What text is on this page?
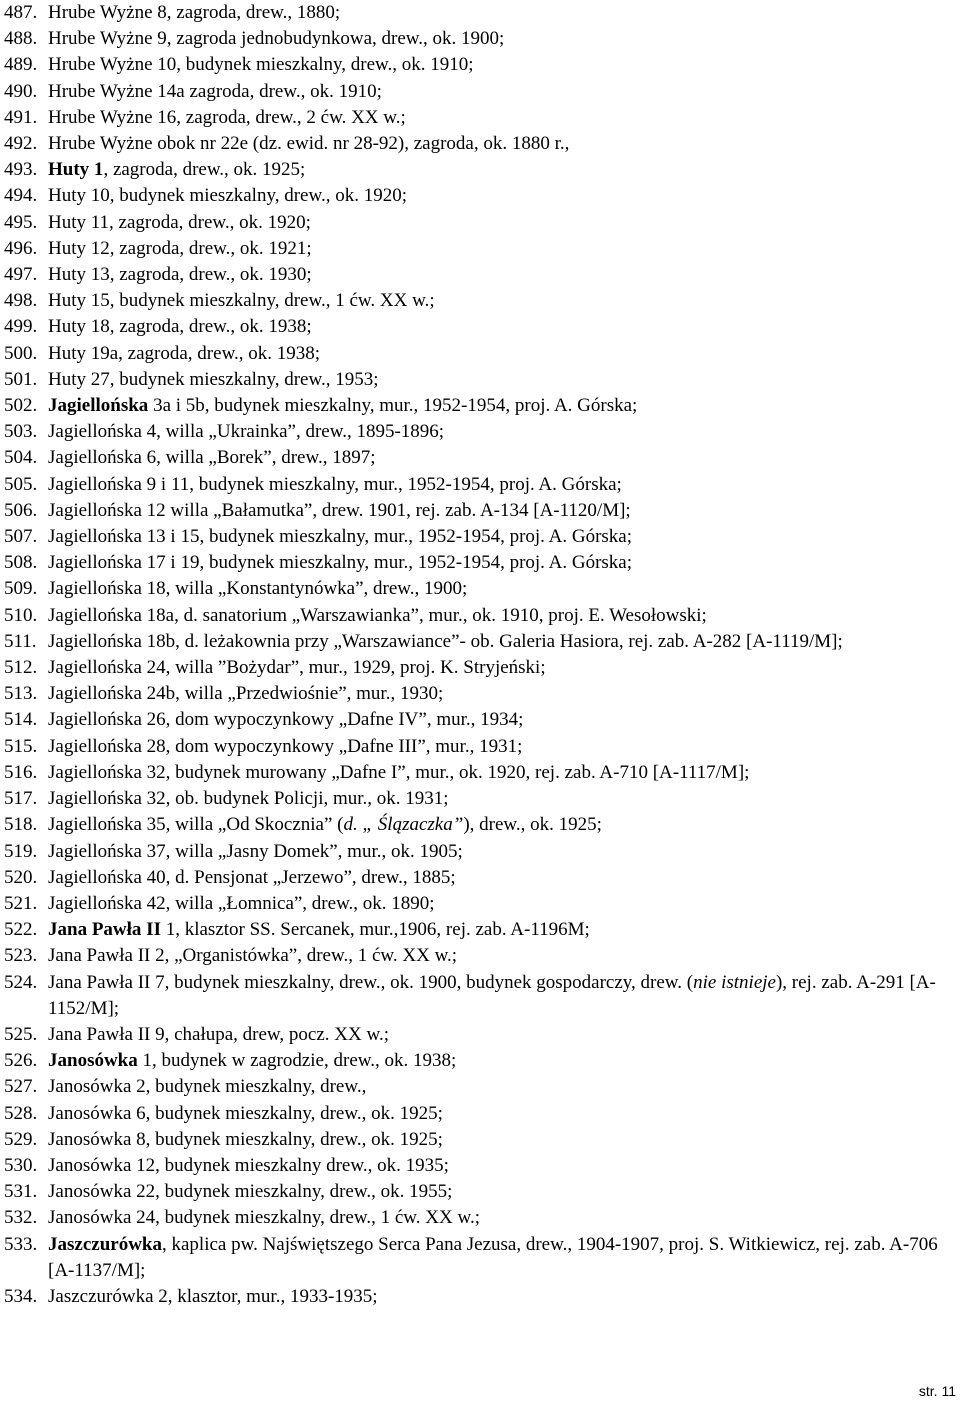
487. Hrube Wyżne 8, zagroda, drew., 1880;
488. Hrube Wyżne 9, zagroda jednobudynkowa, drew., ok. 1900;
489. Hrube Wyżne 10, budynek mieszkalny, drew., ok. 1910;
490. Hrube Wyżne 14a zagroda, drew., ok. 1910;
491. Hrube Wyżne 16, zagroda, drew., 2 ćw. XX w.;
492. Hrube Wyżne obok nr 22e (dz. ewid. nr 28-92), zagroda, ok. 1880 r.,
493. Huty 1, zagroda, drew., ok. 1925;
494. Huty 10, budynek mieszkalny, drew., ok. 1920;
495. Huty 11, zagroda, drew., ok. 1920;
496. Huty 12, zagroda, drew., ok. 1921;
497. Huty 13, zagroda, drew., ok. 1930;
498. Huty 15, budynek mieszkalny, drew., 1 ćw. XX w.;
499. Huty 18, zagroda, drew., ok. 1938;
500. Huty 19a, zagroda, drew., ok. 1938;
501. Huty 27, budynek mieszkalny, drew., 1953;
502. Jagiellońska 3a i 5b, budynek mieszkalny, mur., 1952-1954, proj. A. Górska;
503. Jagiellońska 4, willa „Ukrainka”, drew., 1895-1896;
504. Jagiellońska 6, willa „Borek”, drew., 1897;
505. Jagiellońska 9 i 11, budynek mieszkalny, mur., 1952-1954, proj. A. Górska;
506. Jagiellońska 12 willa „Bałamutka”, drew. 1901, rej. zab. A-134 [A-1120/M];
507. Jagiellońska 13 i 15, budynek mieszkalny, mur., 1952-1954, proj. A. Górska;
508. Jagiellońska 17 i 19, budynek mieszkalny, mur., 1952-1954, proj. A. Górska;
509. Jagiellońska 18, willa „Konstantynówka”, drew., 1900;
510. Jagiellońska 18a, d. sanatorium „Warszawianka”, mur., ok. 1910, proj. E. Wesołowski;
511. Jagiellońska 18b, d. leżakownia przy „Warszawiance”- ob. Galeria Hasiora, rej. zab. A-282 [A-1119/M];
512. Jagiellońska 24, willa ”Bożydar”, mur., 1929, proj. K. Stryjeński;
513. Jagiellońska 24b, willa „Przedwiośnie”, mur., 1930;
514. Jagiellońska 26, dom wypoczynkowy „Dafne IV”, mur., 1934;
515. Jagiellońska 28, dom wypoczynkowy „Dafne III”, mur., 1931;
516. Jagiellońska 32, budynek murowany „Dafne I”, mur., ok. 1920, rej. zab. A-710 [A-1117/M];
517. Jagiellońska 32, ob. budynek Policji, mur., ok. 1931;
518. Jagiellońska 35, willa „Od Skocznia” (d. „ Ślązaczka”), drew., ok. 1925;
519. Jagiellońska 37, willa „Jasny Domek”, mur., ok. 1905;
520. Jagiellońska 40, d. Pensjonat „Jerzewo”, drew., 1885;
521. Jagiellońska 42, willa „Łomnica”, drew., ok. 1890;
522. Jana Pawła II 1, klasztor SS. Sercanek, mur.,1906, rej. zab. A-1196M;
523. Jana Pawła II 2, „Organistówka”, drew., 1 ćw. XX w.;
524. Jana Pawła II 7, budynek mieszkalny, drew., ok. 1900, budynek gospodarczy, drew. (nie istnieje), rej. zab. A-291 [A-1152/M];
525. Jana Pawła II 9, chałupa, drew, pocz. XX w.;
526. Janosówka 1, budynek w zagrodzie, drew., ok. 1938;
527. Janosówka 2, budynek mieszkalny, drew.,
528. Janosówka 6, budynek mieszkalny, drew., ok. 1925;
529. Janosówka 8, budynek mieszkalny, drew., ok. 1925;
530. Janosówka 12, budynek mieszkalny drew., ok. 1935;
531. Janosówka 22, budynek mieszkalny, drew., ok. 1955;
532. Janosówka 24, budynek mieszkalny, drew., 1 ćw. XX w.;
533. Jaszczurówka, kaplica pw. Najświętszego Serca Pana Jezusa, drew., 1904-1907, proj. S. Witkiewicz, rej. zab. A-706 [A-1137/M];
534. Jaszczurówka 2, klasztor, mur., 1933-1935;
str. 11
